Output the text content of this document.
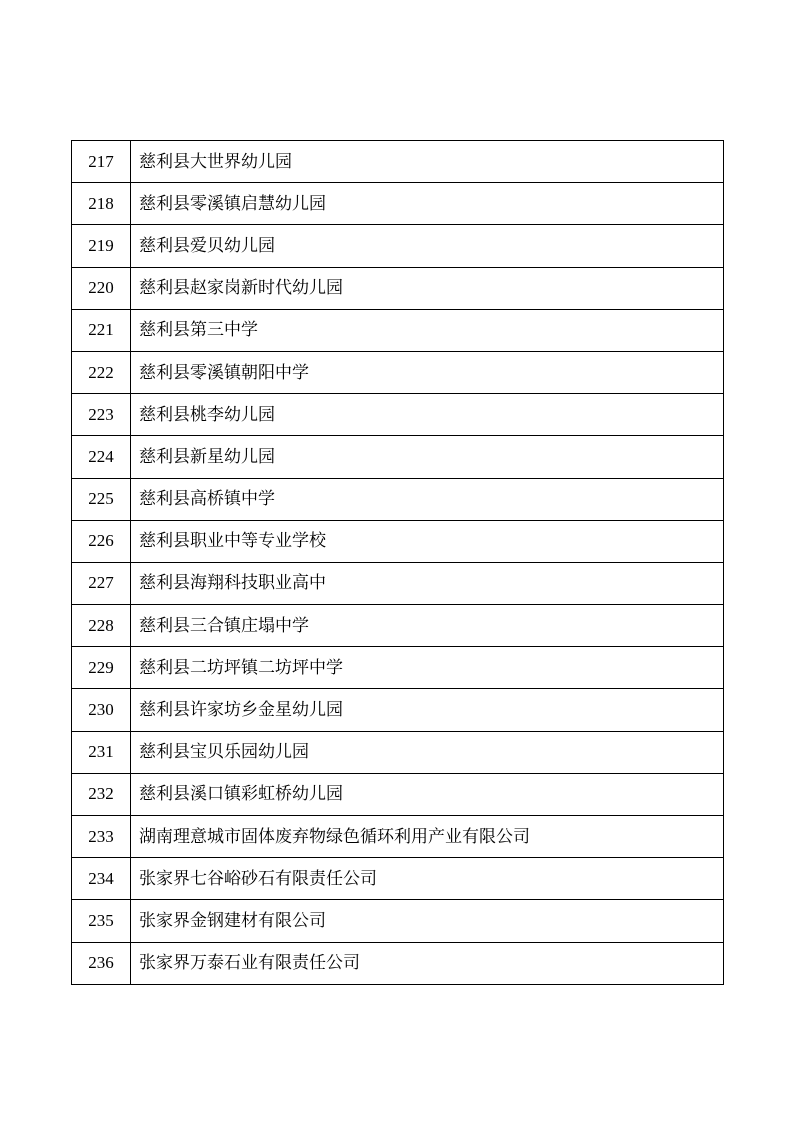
217	慈利县大世界幼儿园
218	慈利县零溪镇启慧幼儿园
219	慈利县爱贝幼儿园
220	慈利县赵家岗新时代幼儿园
221	慈利县第三中学
222	慈利县零溪镇朝阳中学
223	慈利县桃李幼儿园
224	慈利县新星幼儿园
225	慈利县高桥镇中学
226	慈利县职业中等专业学校
227	慈利县海翔科技职业高中
228	慈利县三合镇庄塌中学
229	慈利县二坊坪镇二坊坪中学
230	慈利县许家坊乡金星幼儿园
231	慈利县宝贝乐园幼儿园
232	慈利县溪口镇彩虹桥幼儿园
233	湖南理意城市固体废弃物绿色循环利用产业有限公司
234	张家界七谷峪砂石有限责任公司
235	张家界金钢建材有限公司
236	张家界万泰石业有限责任公司
